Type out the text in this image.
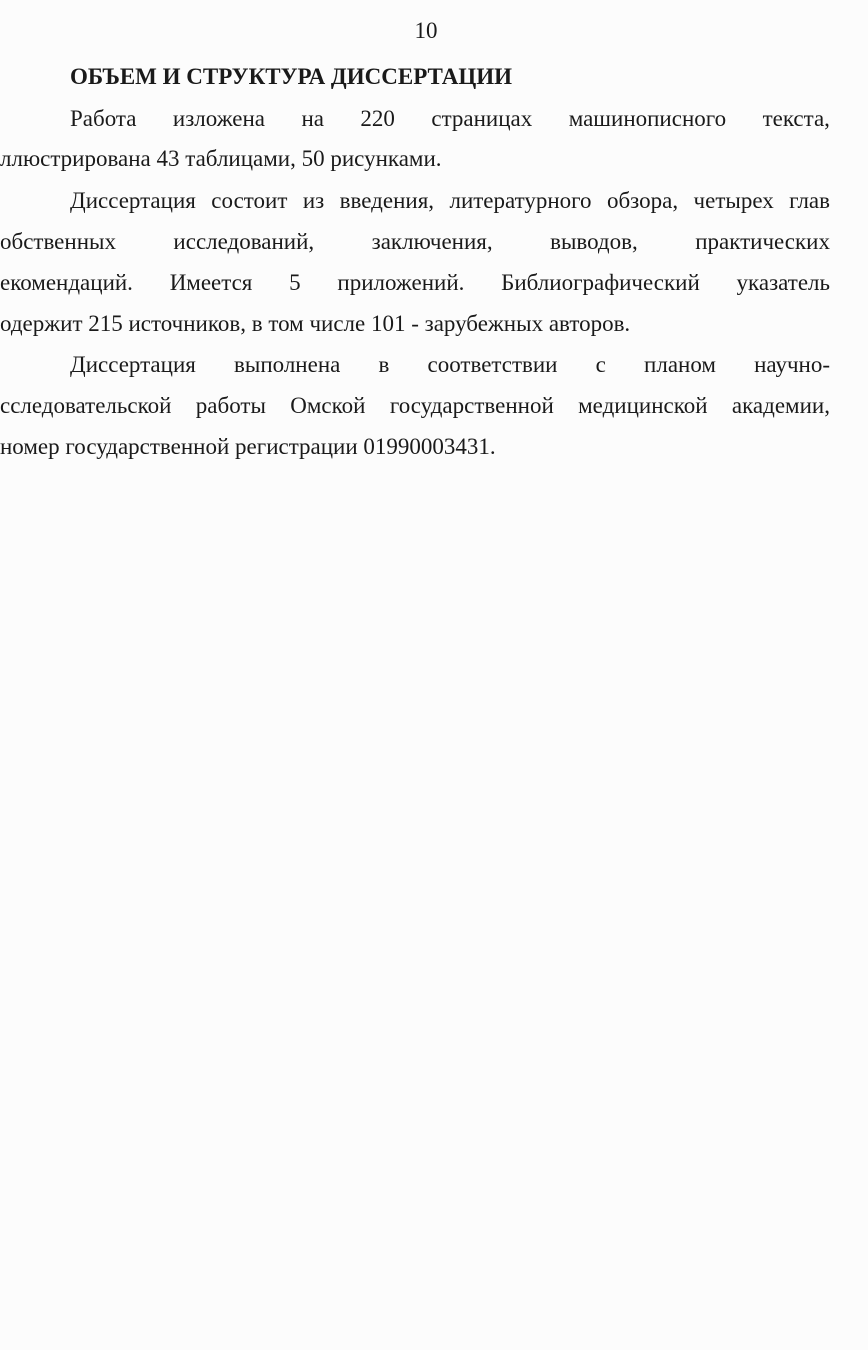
10
ОБЪЕМ И СТРУКТУРА ДИССЕРТАЦИИ
Работа изложена на 220 страницах машинописного текста,
ллюстрирована 43 таблицами, 50 рисунками.
Диссертация состоит из введения, литературного обзора, четырех глав
обственных исследований, заключения, выводов, практических
екомендаций. Имеется 5 приложений. Библиографический указатель
одержит 215 источников, в том числе 101 - зарубежных авторов.
Диссертация выполнена в соответствии с планом научно-
сследовательской работы Омской государственной медицинской академии,
номер государственной регистрации 01990003431.
